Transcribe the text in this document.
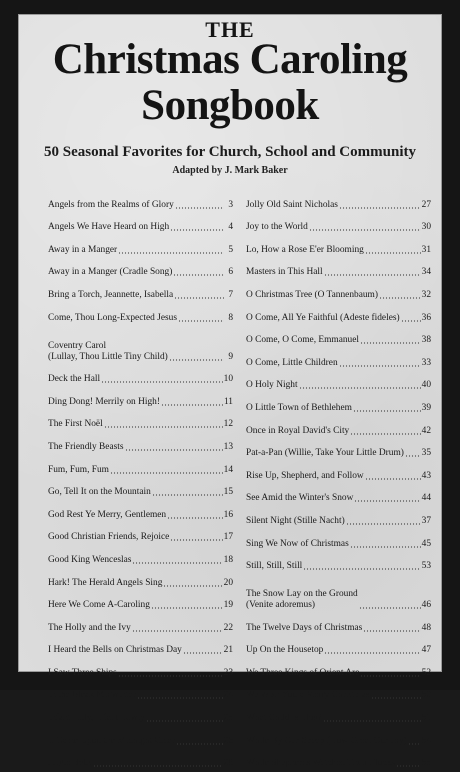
THE
Christmas Caroling
Songbook
50 Seasonal Favorites for Church, School and Community
Adapted by J. Mark Baker
Angels from the Realms of Glory	3
Angels We Have Heard on High	4
Away in a Manger	5
Away in a Manger (Cradle Song)	6
Bring a Torch, Jeannette, Isabella	7
Come, Thou Long-Expected Jesus	8
Coventry Carol
(Lullay, Thou Little Tiny Child)	9
Deck the Hall	10
Ding Dong! Merrily on High!	11
The First Noël	12
The Friendly Beasts	13
Fum, Fum, Fum	14
Go, Tell It on the Mountain	15
God Rest Ye Merry, Gentlemen	16
Good Christian Friends, Rejoice	17
Good King Wenceslas	18
Hark! The Herald Angels Sing	20
Here We Come A-Caroling	19
The Holly and the Ivy	22
I Heard the Bells on Christmas Day	21
I Saw Three Ships	23
In the Bleak Midwinter	24
Infant Holy, Infant Lowly	25
It Came Upon the Midnight Clear	26
Jingle Bells	28
Jolly Old Saint Nicholas	27
Joy to the World	30
Lo, How a Rose E'er Blooming	31
Masters in This Hall	34
O Christmas Tree (O Tannenbaum)	32
O Come, All Ye Faithful (Adeste fideles) 36
O Come, O Come, Emmanuel	38
O Come, Little Children	33
O Holy Night	40
O Little Town of Bethlehem	39
Once in Royal David's City	42
Pat-a-Pan (Willie, Take Your Little Drum) 35
Rise Up, Shepherd, and Follow	43
See Amid the Winter's Snow	44
Silent Night (Stille Nacht)	37
Sing We Now of Christmas	45
Still, Still, Still	53
The Snow Lay on the Ground
(Venite adoremus)	46
The Twelve Days of Christmas	48
Up On the Housetop	47
We Three Kings of Orient Are	52
We Wish You a Merry Christmas	50
What Child Is This?	51
While By Our Sheep (How Great Our Joy) 54
While Shepherds Watched Their Flocks	55
